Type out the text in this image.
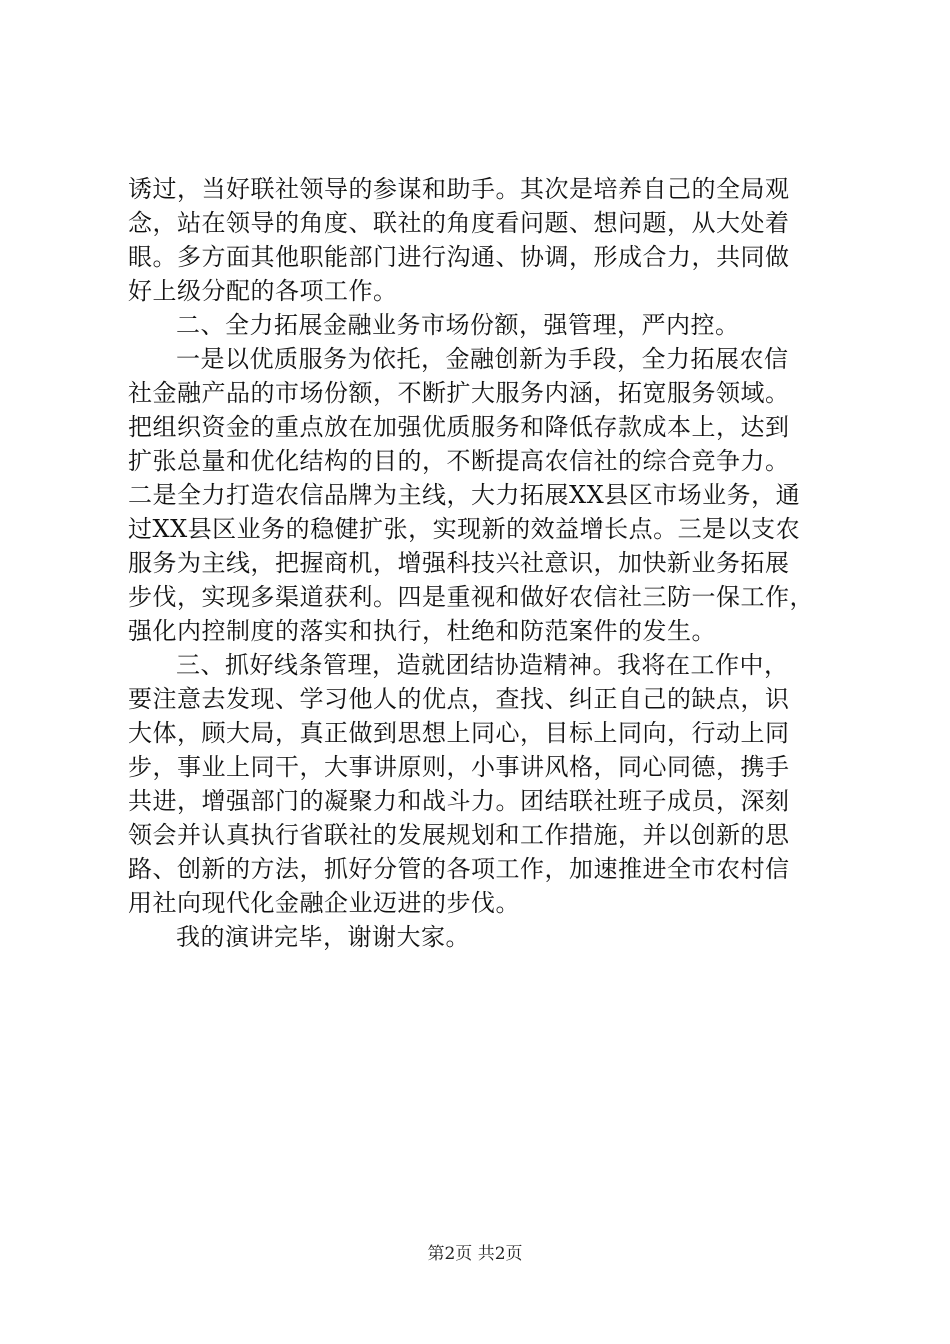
诱过，当好联社领导的参谋和助手。其次是培养自己的全局观
念，站在领导的角度、联社的角度看问题、想问题，从大处着
眼。多方面其他职能部门进行沟通、协调，形成合力，共同做
好上级分配的各项工作。
二、全力拓展金融业务市场份额，强管理，严内控。
一是以优质服务为依托，金融创新为手段，全力拓展农信
社金融产品的市场份额，不断扩大服务内涵，拓宽服务领域。
把组织资金的重点放在加强优质服务和降低存款成本上，达到
扩张总量和优化结构的目的，不断提高农信社的综合竞争力。
二是全力打造农信品牌为主线，大力拓展XX县区市场业务，通
过XX县区业务的稳健扩张，实现新的效益增长点。三是以支农
服务为主线，把握商机，增强科技兴社意识，加快新业务拓展
步伐，实现多渠道获利。四是重视和做好农信社三防一保工作，
强化内控制度的落实和执行，杜绝和防范案件的发生。
三、抓好线条管理，造就团结协造精神。我将在工作中，
要注意去发现、学习他人的优点，查找、纠正自己的缺点，识
大体，顾大局，真正做到思想上同心，目标上同向，行动上同
步，事业上同干，大事讲原则，小事讲风格，同心同德，携手
共进，增强部门的凝聚力和战斗力。团结联社班子成员，深刻
领会并认真执行省联社的发展规划和工作措施，并以创新的思
路、创新的方法，抓好分管的各项工作，加速推进全市农村信
用社向现代化金融企业迈进的步伐。
我的演讲完毕，谢谢大家。
第2页 共2页
